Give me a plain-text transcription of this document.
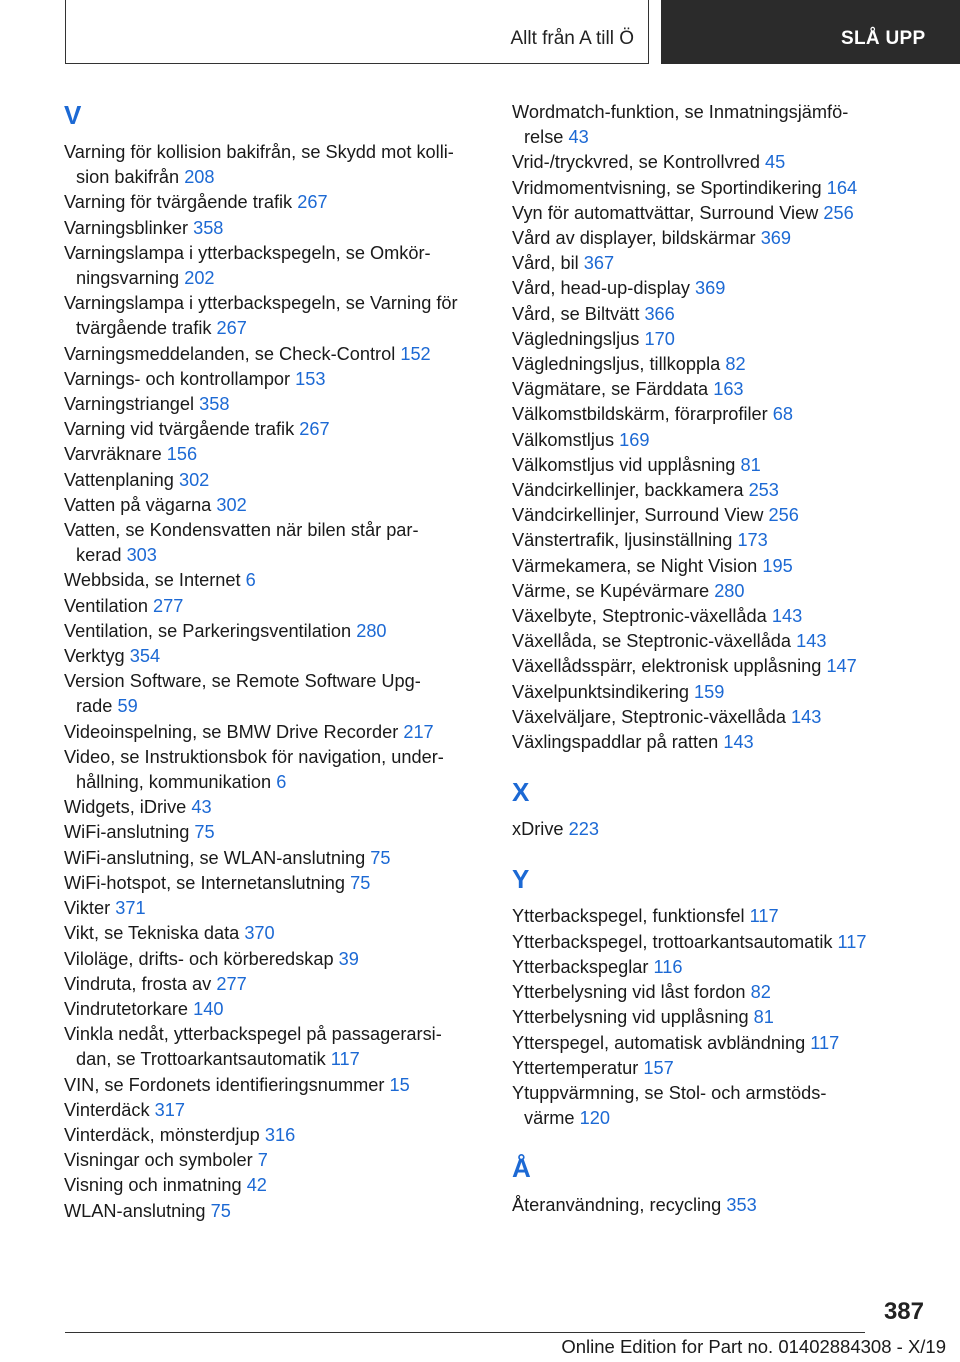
Allt från A till Ö	SLÅ UPP
V
Varning för kollision bakifrån, se Skydd mot kolli-
sion bakifrån 208
Varning för tvärgående trafik 267
Varningsblinker 358
Varningslampa i ytterbackspegeln, se Omkör-
ningsvarning 202
Varningslampa i ytterbackspegeln, se Varning för
tvärgående trafik 267
Varningsmeddelanden, se Check-Control 152
Varnings- och kontrollampor 153
Varningstriangel 358
Varning vid tvärgående trafik 267
Varvräknare 156
Vattenplaning 302
Vatten på vägarna 302
Vatten, se Kondensvatten när bilen står par-
kerad 303
Webbsida, se Internet 6
Ventilation 277
Ventilation, se Parkeringsventilation 280
Verktyg 354
Version Software, se Remote Software Upg-
rade 59
Videoinspelning, se BMW Drive Recorder 217
Video, se Instruktionsbok för navigation, under-
hållning, kommunikation 6
Widgets, iDrive 43
WiFi-anslutning 75
WiFi-anslutning, se WLAN-anslutning 75
WiFi-hotspot, se Internetanslutning 75
Vikter 371
Vikt, se Tekniska data 370
Viloläge, drifts- och körberedskap 39
Vindruta, frosta av 277
Vindrutetorkare 140
Vinkla nedåt, ytterbackspegel på passagerarsi-
dan, se Trottoarkantsautomatik 117
VIN, se Fordonets identifieringsnummer 15
Vinterdäck 317
Vinterdäck, mönsterdjup 316
Visningar och symboler 7
Visning och inmatning 42
WLAN-anslutning 75
Wordmatch-funktion, se Inmatningsjämfö-
relse 43
Vrid-/tryckvred, se Kontrollvred 45
Vridmomentvisning, se Sportindikering 164
Vyn för automattvättar, Surround View 256
Vård av displayer, bildskärmar 369
Vård, bil 367
Vård, head-up-display 369
Vård, se Biltvätt 366
Vägledningsljus 170
Vägledningsljus, tillkoppla 82
Vägmätare, se Färddata 163
Välkomstbildskärm, förarprofiler 68
Välkomstljus 169
Välkomstljus vid upplåsning 81
Vändcirkellinjer, backkamera 253
Vändcirkellinjer, Surround View 256
Vänstertrafik, ljusinställning 173
Värmekamera, se Night Vision 195
Värme, se Kupévärmare 280
Växelbyte, Steptronic-växellåda 143
Växellåda, se Steptronic-växellåda 143
Växellådsspärr, elektronisk upplåsning 147
Växelpunktsindikering 159
Växelväljare, Steptronic-växellåda 143
Växlingspaddlar på ratten 143
X
xDrive 223
Y
Ytterbackspegel, funktionsfel 117
Ytterbackspegel, trottoarkantsautomatik 117
Ytterbackspeglar 116
Ytterbelysning vid låst fordon 82
Ytterbelysning vid upplåsning 81
Ytterspegel, automatisk avbländning 117
Yttertemperatur 157
Ytuppvärmning, se Stol- och armstöds-
värme 120
Å
Återanvändning, recycling 353
387
Online Edition for Part no. 01402884308 - X/19
